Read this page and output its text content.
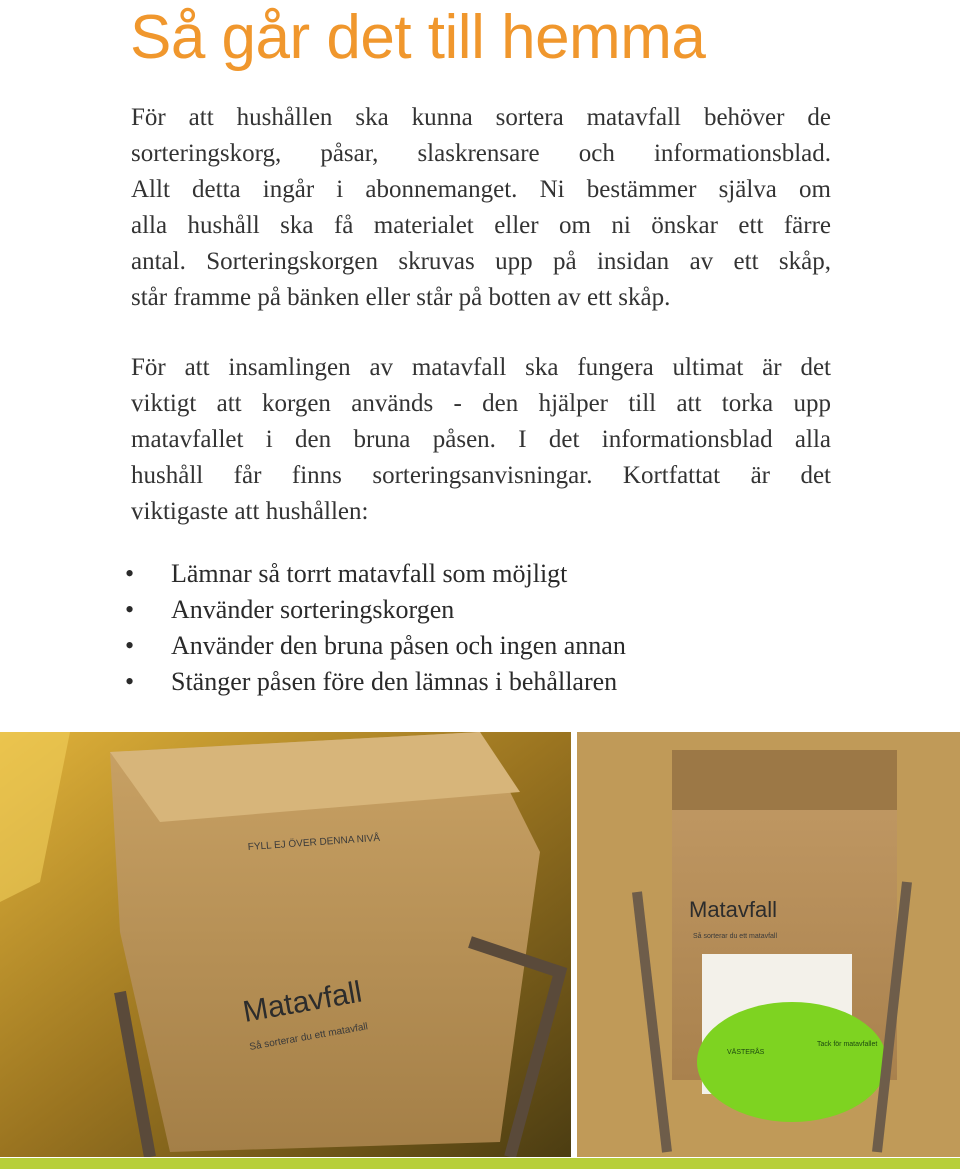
Så går det till hemma
För att hushållen ska kunna sortera matavfall behöver de
sorteringskorg, påsar, slaskrensare och informationsblad.
Allt detta ingår i abonnemanget. Ni bestämmer själva om
alla hushåll ska få materialet eller om ni önskar ett färre
antal. Sorteringskorgen skruvas upp på insidan av ett skåp,
står framme på bänken eller står på botten av ett skåp.
För att insamlingen av matavfall ska fungera ultimat är det
viktigt att korgen används - den hjälper till att torka upp
matavfallet i den bruna påsen. I det informationsblad alla
hushåll får finns sorteringsanvisningar. Kortfattat är det
viktigaste att hushållen:
• Lämnar så torrt matavfall som möjligt
• Använder sorteringskorgen
• Använder den bruna påsen och ingen annan
• Stänger påsen före den lämnas i behållaren
FYLL EJ ÖVER DENNA NIVÅ
Matavfall
Så sorterar du ett matavfall
Matavfall
Så sorterar du ett matavfall
VÄSTERÅS
Tack för matavfallet
